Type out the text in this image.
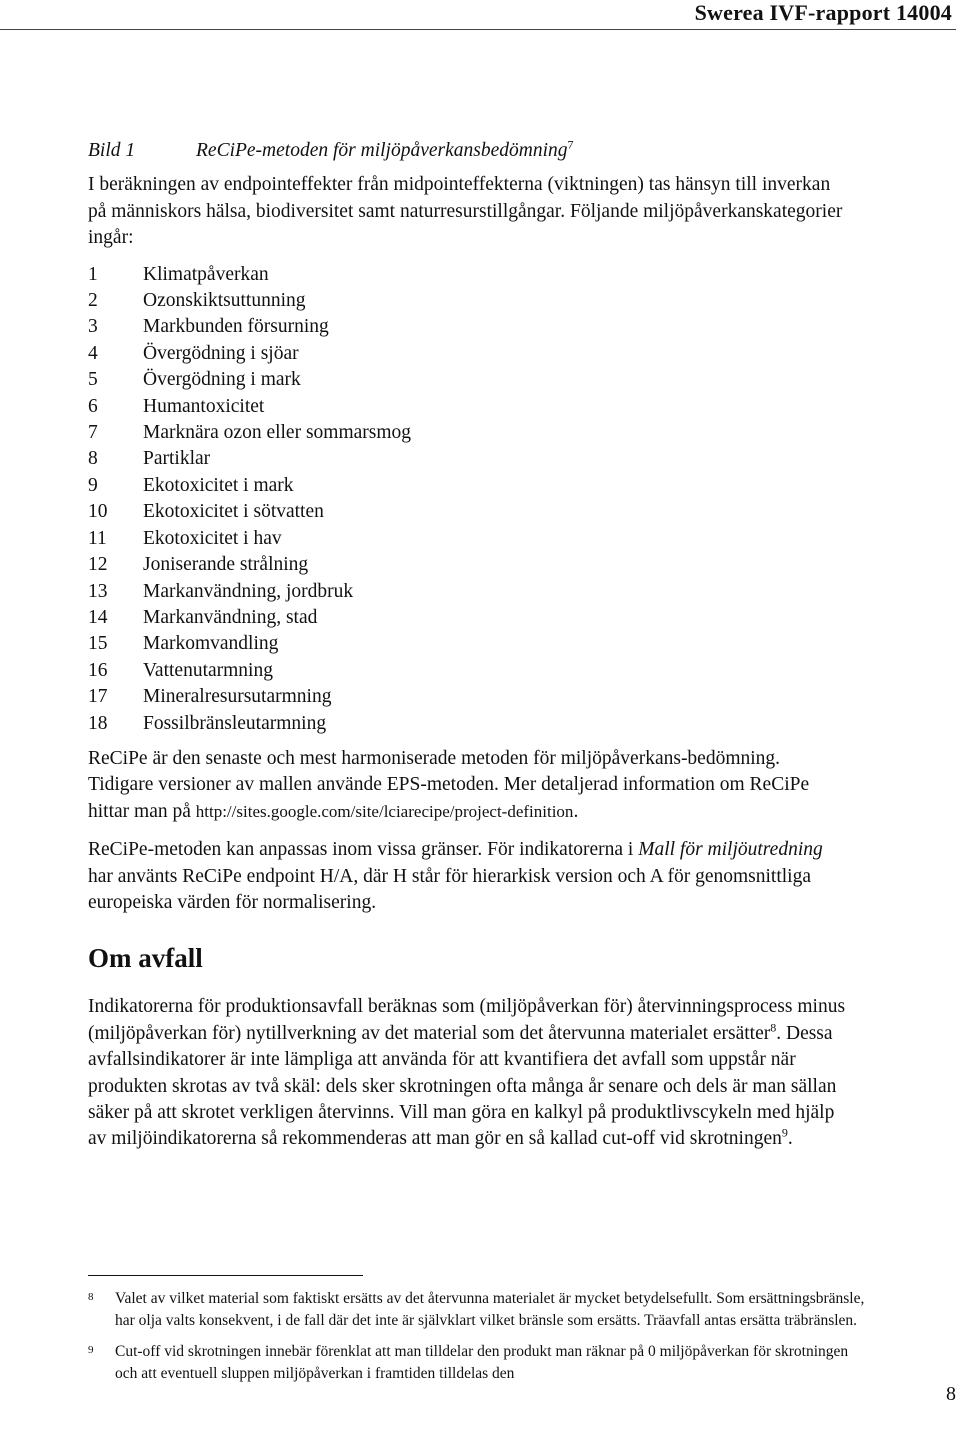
Swerea IVF-rapport 14004
Bild 1	ReCiPe-metoden för miljöpåverkansbedömning$^7$

I beräkningen av endpointeffekter från midpointeffekterna (viktningen) tas hänsyn till inverkan på människors hälsa, biodiversitet samt naturresurstillgångar. Följande miljöpåverkanskategorier ingår:

1	Klimatpåverkan
2	Ozonskiktsuttunning
3	Markbunden försurning
4	Övergödning i sjöar
5	Övergödning i mark
6	Humantoxicitet
7	Marknära ozon eller sommarsmog
8	Partiklar
9	Ekotoxicitet i mark
10	Ekotoxicitet i sötvatten
11	Ekotoxicitet i hav
12	Joniserande strålning
13	Markanvändning, jordbruk
14	Markanvändning, stad
15	Markomvandling
16	Vattenutarmning
17	Mineralresursutarmning
18	Fossilbränsleutarmning

ReCiPe är den senaste och mest harmoniserade metoden för miljöpåverkans-bedömning. Tidigare versioner av mallen använde EPS-metoden. Mer detaljerad information om ReCiPe hittar man på http://sites.google.com/site/lciarecipe/project-definition.

ReCiPe-metoden kan anpassas inom vissa gränser. För indikatorerna i Mall för miljöutredning har använts ReCiPe endpoint H/A, där H står för hierarkisk version och A för genomsnittliga europeiska värden för normalisering.

Om avfall

Indikatorerna för produktionsavfall beräknas som (miljöpåverkan för) återvinningsprocess minus (miljöpåverkan för) nytillverkning av det material som det återvunna materialet ersätter$^8$. Dessa avfallsindikatorer är inte lämpliga att använda för att kvantifiera det avfall som uppstår när produkten skrotas av två skäl: dels sker skrotningen ofta många år senare och dels är man sällan säker på att skrotet verkligen återvinns. Vill man göra en kalkyl på produktlivscykeln med hjälp av miljöindikatorerna så rekommenderas att man gör en så kallad cut-off vid skrotningen$^9$.

8 Valet av vilket material som faktiskt ersätts av det återvunna materialet är mycket betydelsefullt. Som ersättningsbränsle, har olja valts konsekvent, i de fall där det inte är självklart vilket bränsle som ersätts. Träavfall antas ersätta träbränslen.
9 Cut-off vid skrotningen innebär förenklat att man tilldelar den produkt man räknar på 0 miljöpåverkan för skrotningen och att eventuell sluppen miljöpåverkan i framtiden tilldelas den
8
